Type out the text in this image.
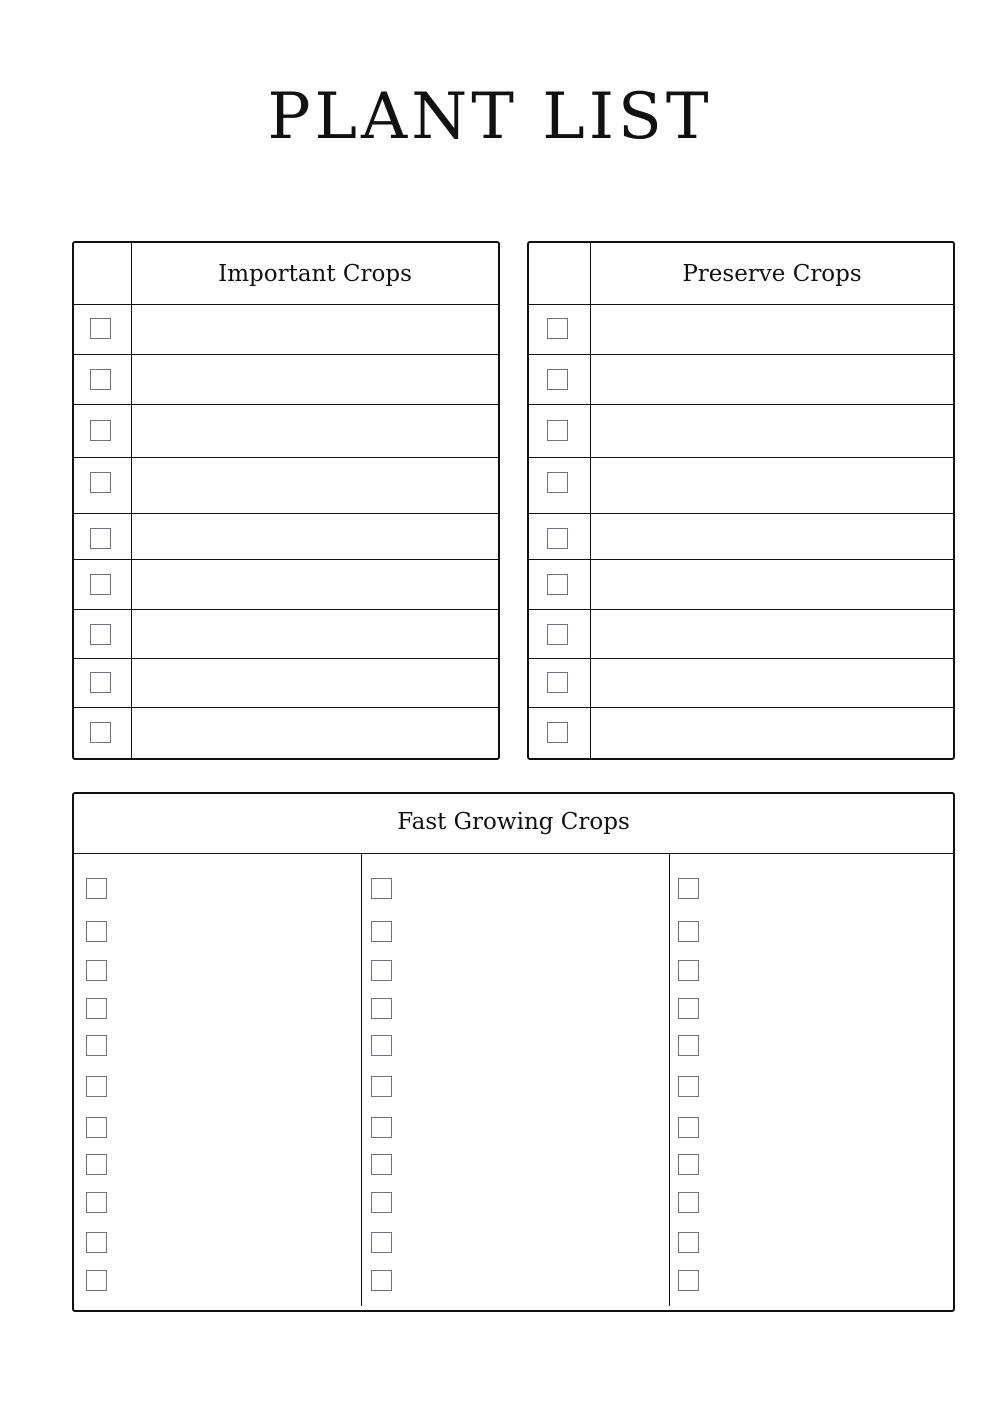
PLANT LIST
Important Crops	Preserve Crops
Fast Growing Crops
